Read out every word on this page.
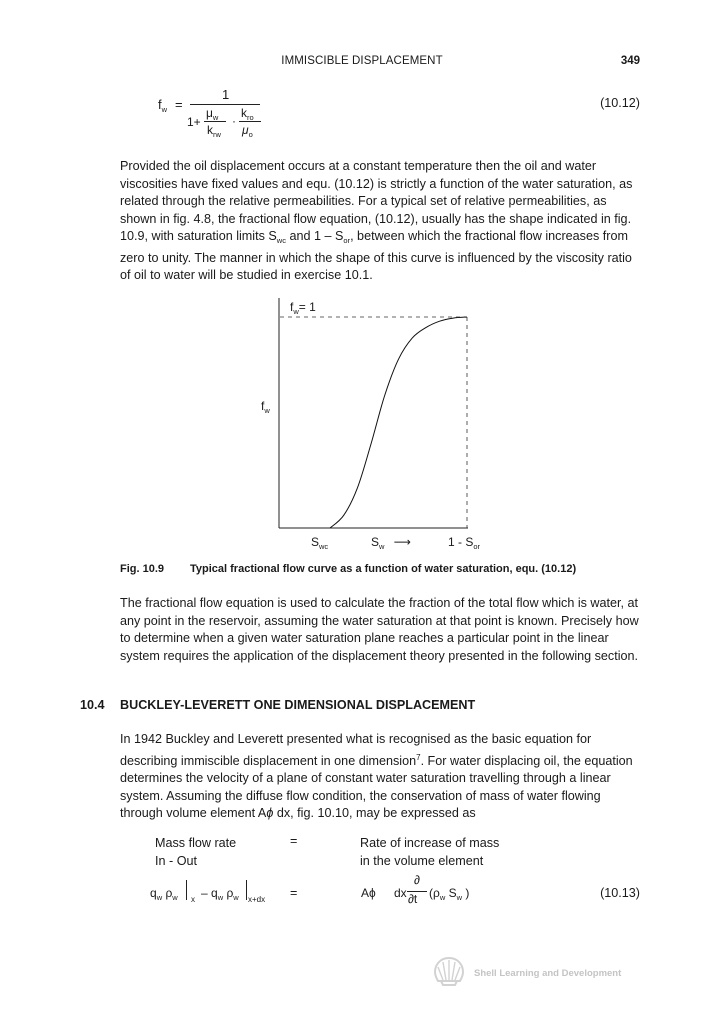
IMMISCIBLE DISPLACEMENT	349
$f_w$ =
1
1+
$\mu_w$
$k_{rw}$
·
$k_{ro}$
$\mu_o$
(10.12)

Provided the oil displacement occurs at a constant temperature then the oil and water viscosities have fixed values and equ. (10.12) is strictly a function of the water saturation, as related through the relative permeabilities. For a typical set of relative permeabilities, as shown in fig. 4.8, the fractional flow equation, (10.12), usually has the shape indicated in fig. 10.9, with saturation limits $S_{wc}$ and $1 - S_{or}$, between which the fractional flow increases from zero to unity. The manner in which the shape of this curve is influenced by the viscosity ratio of oil to water will be studied in exercise 10.1.

$f_w= 1$
$f_w$
$S_{wc}$	$S_w$ ⟶	$1 - S_{or}$
Fig. 10.9 Typical fractional flow curve as a function of water saturation, equ. (10.12)

The fractional flow equation is used to calculate the fraction of the total flow which is water, at any point in the reservoir, assuming the water saturation at that point is known. Precisely how to determine when a given water saturation plane reaches a particular point in the linear system requires the application of the displacement theory presented in the following section.

10.4 BUCKLEY-LEVERETT ONE DIMENSIONAL DISPLACEMENT

In 1942 Buckley and Leverett presented what is recognised as the basic equation for describing immiscible displacement in one dimension$^7$. For water displacing oil, the equation determines the velocity of a plane of constant water saturation travelling through a linear system. Assuming the diffuse flow condition, the conservation of mass of water flowing through volume element Aϕ dx, fig. 10.10, may be expressed as

Mass flow rate
In - Out
=	Rate of increase of mass
in the volume element
$q_w$ $\rho_w$ x – $q_w$ $\rho_w$ x+dx =	Aϕ dx
∂
∂t ($\rho_w$ $S_w$ )	(10.13)
Shell Learning and Development
